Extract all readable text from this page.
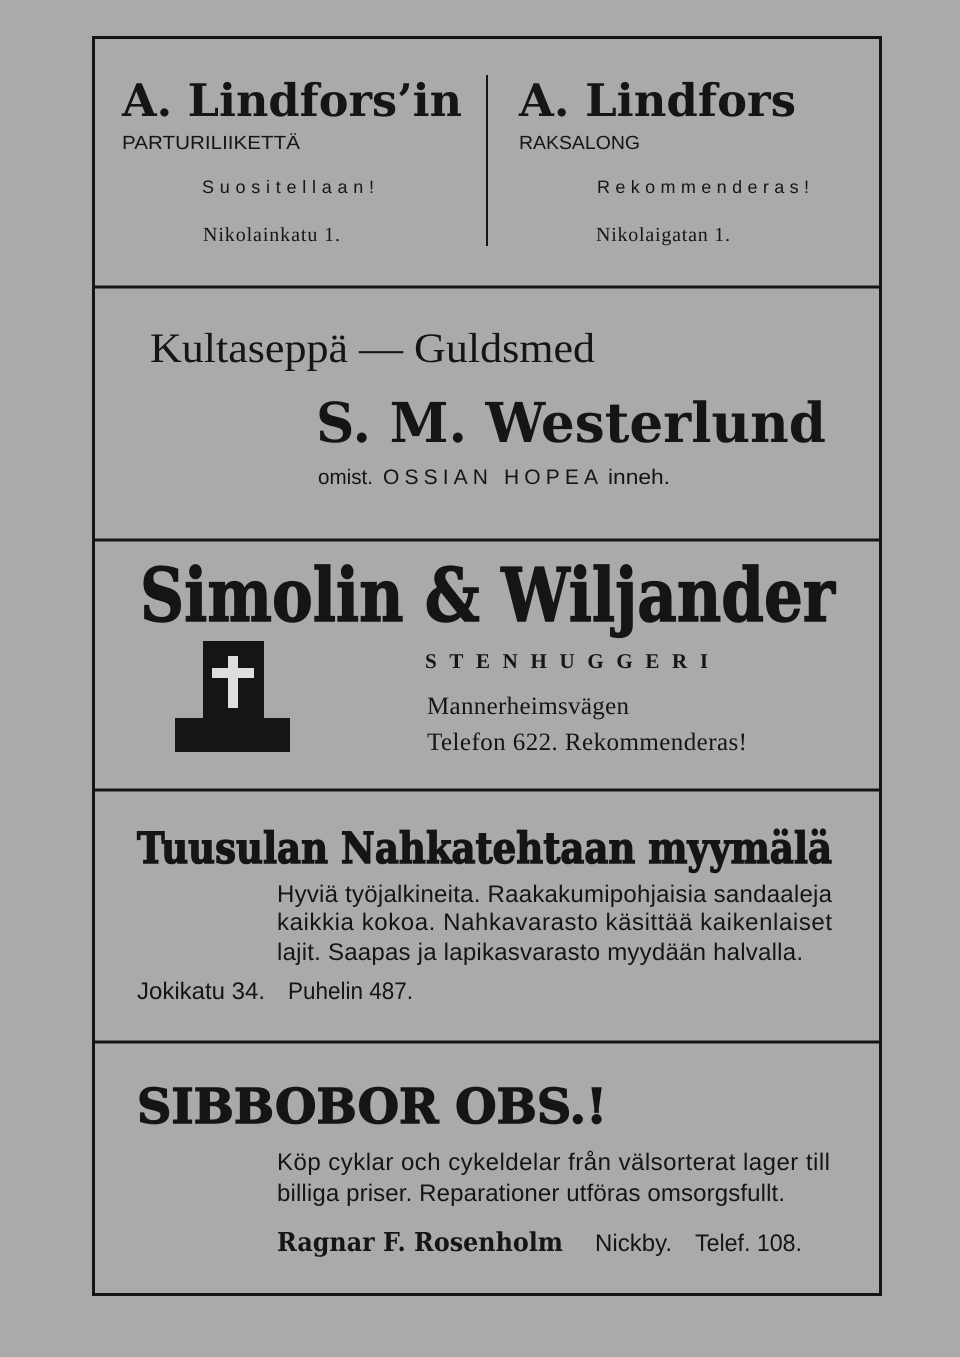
A. Lindfors’in
PARTURILIIKETTÄ
Suositellaan!
Nikolainkatu 1.
A. Lindfors
RAKSALONG
Rekommenderas!
Nikolaigatan 1.
Kultaseppä — Guldsmed
S. M. Westerlund
omist. OSSIAN HOPEA inneh.
Simolin & Wiljander
STENHUGGERI
Mannerheimsvägen
Telefon 622. Rekommenderas!
Tuusulan Nahkatehtaan myymälä
Hyviä työjalkineita. Raakakumipohjaisia sandaaleja
kaikkia kokoa. Nahkavarasto käsittää kaikenlaiset
lajit. Saapas ja lapikasvarasto myydään halvalla.
Jokikatu 34. Puhelin 487.
SIBBOBOR OBS.!
Köp cyklar och cykeldelar från välsorterat lager till
billiga priser. Reparationer utföras omsorgsfullt.
Ragnar F. Rosenholm Nickby. Telef. 108.
